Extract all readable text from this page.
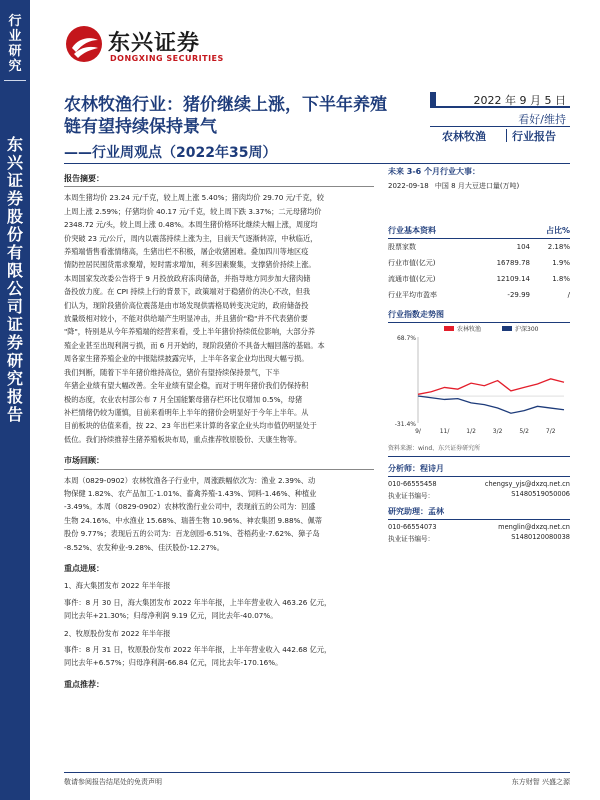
行业研究
东兴证券股份有限公司证券研究报告
东兴证券
DONGXING SECURITIES
农林牧渔行业：猪价继续上涨，下半年养殖链有望持续保持景气
——行业周观点（2022年35周）
2022 年 9 月 5 日
看好/维持
农林牧渔 行业报告
报告摘要：
本周生猪均价 23.24 元/千克，较上周上涨 5.40%；猪肉均价 29.70 元/千克，较
上周上涨 2.59%；仔猪均价 40.17 元/千克，较上周下跌 3.37%；二元母猪均价
2348.72 元/头，较上周上涨 0.48%。本周生猪价格环比继续大幅上涨，周度均
价突破 23 元/公斤，周内以震荡持续上涨为主，目前天气逐渐转凉，中秋临近，
养殖端惜售看涨情绪高，生猪出栏不积极，屠企收猪困难。叠加四川等地区疫
情防控居民囤货需求聚增，短时需求增加，利多因素聚集，支撑猪价持续上涨。
本周国家发改委公告将于 9 月投放政府冻肉储备，并指导地方同步加大猪肉储
备投放力度。在 CPI 持续上行的背景下，政策端对于稳猪价的决心不改，但我
们认为，现阶段猪价高位震荡是由市场发现供需格局转变决定的，政府储备投
放量级相对较小，不能对供给端产生明显冲击，并且猪价"稳"并不代表猪价要
"降"，特别是从今年养殖端的经营来看，受上半年猪价持续低位影响，大部分养
殖企业甚至出现利润亏损，而 6 月开始的，现阶段猪价不具备大幅回落的基础。本
周各家生猪养殖企业的中报陆续披露完毕，上半年各家企业均出现大幅亏损。
我们判断，随着下半年猪价维持高位，猪价有望持续保持景气，下半
年猪企业绩有望大幅改善。全年业绩有望企稳，而对于明年猪价我们仍保持积
极的态度，农业农村部公布 7 月全国能繁母猪存栏环比仅增加 0.5%，母猪
补栏情绪仍较为谨慎，目前来看明年上半年的猪价会明显好于今年上半年。从
目前板块的估值来看，按 22、23 年出栏来计算的各家企业头均市值仍明显处于
低位。我们持续推荐生猪养殖板块布局，重点推荐牧原股份、天康生物等。
市场回顾：
本周（0829-0902）农林牧渔各子行业中，周涨跌幅依次为：渔业 2.39%、动
物保健 1.82%、农产品加工-1.01%、畜禽养殖-1.43%、饲料-1.46%、种植业
-3.49%。本周（0829-0902）农林牧渔行业公司中，表现前五的公司为：回盛
生物 24.16%、中水渔业 15.68%、瑞普生物 10.96%、神农集团 9.88%、佩蒂
股份 9.77%；表现后五的公司为：百龙创园-6.51%、苍梧药业-7.62%、獐子岛
-8.52%、农发种业-9.28%、佳沃股份-12.27%。
重点进展：
1、海大集团发布 2022 年半年报
事件：8 月 30 日，海大集团发布 2022 年半年报，上半年营业收入 463.26 亿元，
同比去年+21.30%；归母净利润 9.19 亿元，同比去年-40.07%。
2、牧原股份发布 2022 年半年报
事件：8 月 31 日，牧原股份发布 2022 年半年报，上半年营业收入 442.68 亿元，
同比去年+6.57%；归母净利润-66.84 亿元，同比去年-170.16%。
重点推荐：
未来 3-6 个月行业大事：
2022-09-18 中国 8 月大豆进口量(万吨)
行业基本资料	占比%
股票家数	104	2.18%
行业市值(亿元)	16789.78	1.9%
流通市值(亿元)	12109.14	1.8%
行业平均市盈率	-29.99	/
行业指数走势图
68.7%
-31.4%
9/	11/	1/2	3/2	5/2	7/2
农林牧渔	沪深300
资料来源：wind、东兴证券研究所
分析师：程诗月
010-66555458	chengsy_yjs@dxzq.net.cn
执业证书编号：	S1480519050006
研究助理：孟林
010-66554073	menglin@dxzq.net.cn
执业证书编号：	S1480120080038
敬请参阅报告结尾处的免责声明	东方财智 兴盛之源
